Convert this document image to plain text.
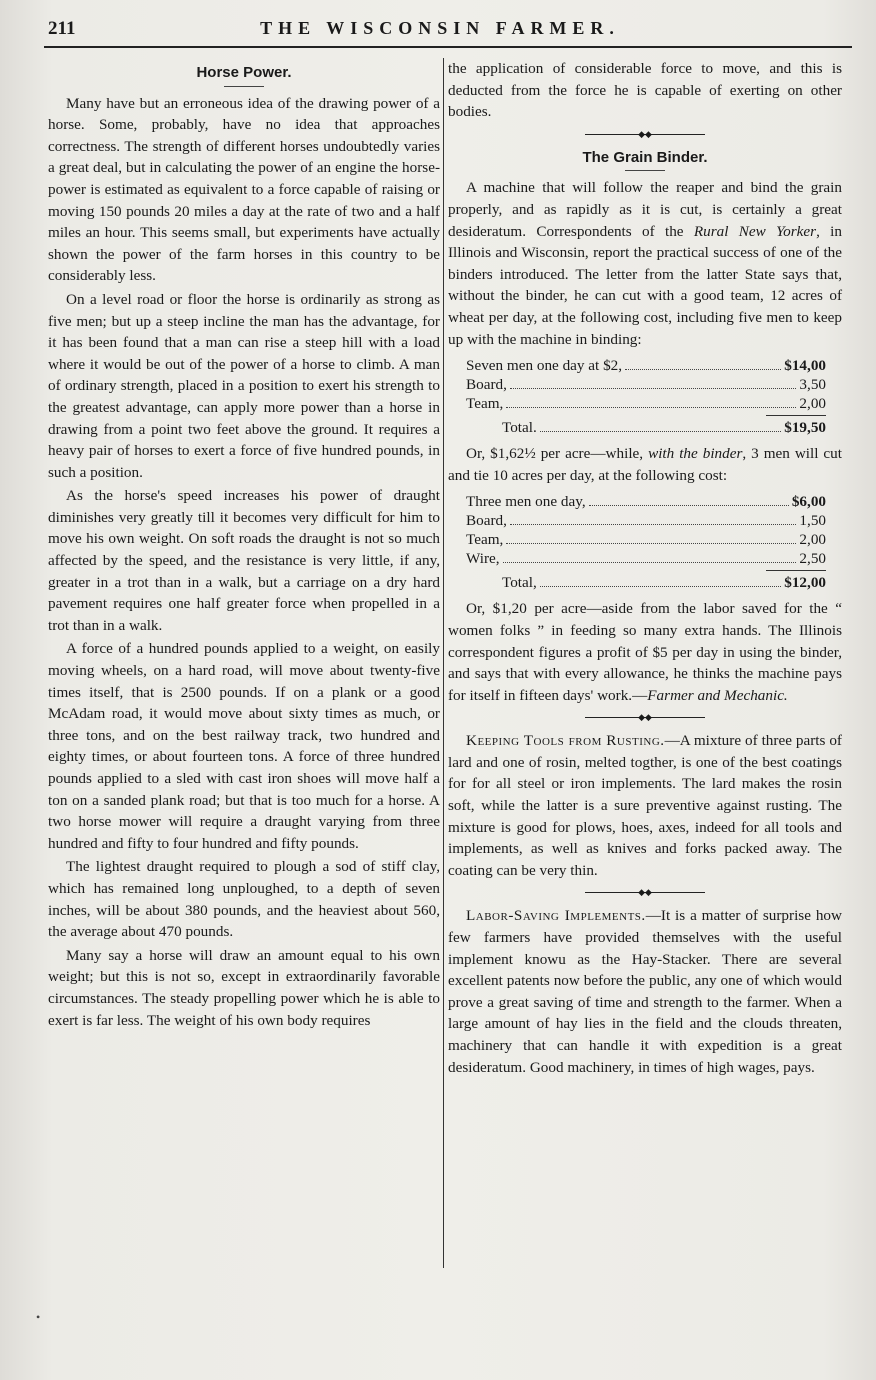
211	THE WISCONSIN FARMER.
Horse Power.

Many have but an erroneous idea of the drawing power of a horse. Some, probably, have no idea that approaches correctness. The strength of different horses undoubtedly varies a great deal, but in calculating the power of an engine the horse-power is estimated as equivalent to a force capable of raising or moving 150 pounds 20 miles a day at the rate of two and a half miles an hour. This seems small, but experiments have actually shown the power of the farm horses in this country to be considerably less.

On a level road or floor the horse is ordinarily as strong as five men; but up a steep incline the man has the advantage, for it has been found that a man can rise a steep hill with a load where it would be out of the power of a horse to climb. A man of ordinary strength, placed in a position to exert his strength to the greatest advantage, can apply more power than a horse in drawing from a point two feet above the ground. It requires a heavy pair of horses to exert a force of five hundred pounds, in such a position.

As the horse's speed increases his power of draught diminishes very greatly till it becomes very difficult for him to move his own weight. On soft roads the draught is not so much affected by the speed, and the resistance is very little, if any, greater in a trot than in a walk, but a carriage on a dry hard pavement requires one half greater force when propelled in a trot than in a walk.

A force of a hundred pounds applied to a weight, on easily moving wheels, on a hard road, will move about twenty-five times itself, that is 2500 pounds. If on a plank or a good McAdam road, it would move about sixty times as much, or three tons, and on the best railway track, two hundred and eighty times, or about fourteen tons. A force of three hundred pounds applied to a sled with cast iron shoes will move half a ton on a sanded plank road; but that is too much for a horse. A two horse mower will require a draught varying from three hundred and fifty to four hundred and fifty pounds.

The lightest draught required to plough a sod of stiff clay, which has remained long unploughed, to a depth of seven inches, will be about 380 pounds, and the heaviest about 560, the average about 470 pounds.

Many say a horse will draw an amount equal to his own weight; but this is not so, except in extraordinarily favorable circumstances. The steady propelling power which he is able to exert is far less. The weight of his own body requires

the application of considerable force to move, and this is deducted from the force he is capable of exerting on other bodies.

◆◆
The Grain Binder.

A machine that will follow the reaper and bind the grain properly, and as rapidly as it is cut, is certainly a great desideratum. Correspondents of the Rural New Yorker, in Illinois and Wisconsin, report the practical success of one of the binders introduced. The letter from the latter State says that, without the binder, he can cut with a good team, 12 acres of wheat per day, at the following cost, including five men to keep up with the machine in binding:

Seven men one day at $2,	$14,00
Board,	3,50
Team,	2,00
Total.	$19,50

Or, $1,62½ per acre—while, with the binder, 3 men will cut and tie 10 acres per day, at the following cost:

Three men one day,	$6,00
Board,	1,50
Team,	2,00
Wire,	2,50
Total,	$12,00

Or, $1,20 per acre—aside from the labor saved for the “ women folks ” in feeding so many extra hands. The Illinois correspondent figures a profit of $5 per day in using the binder, and says that with every allowance, he thinks the machine pays for itself in fifteen days' work.—Farmer and Mechanic.

◆◆

Keeping Tools from Rusting.—A mixture of three parts of lard and one of rosin, melted togther, is one of the best coatings for for all steel or iron implements. The lard makes the rosin soft, while the latter is a sure preventive against rusting. The mixture is good for plows, hoes, axes, indeed for all tools and implements, as well as knives and forks packed away. The coating can be very thin.

◆◆

Labor-Saving Implements.—It is a matter of surprise how few farmers have provided themselves with the useful implement knowu as the Hay-Stacker. There are several excellent patents now before the public, any one of which would prove a great saving of time and strength to the farmer. When a large amount of hay lies in the field and the clouds threaten, machinery that can handle it with expedition is a great desideratum. Good machinery, in times of high wages, pays.

•
